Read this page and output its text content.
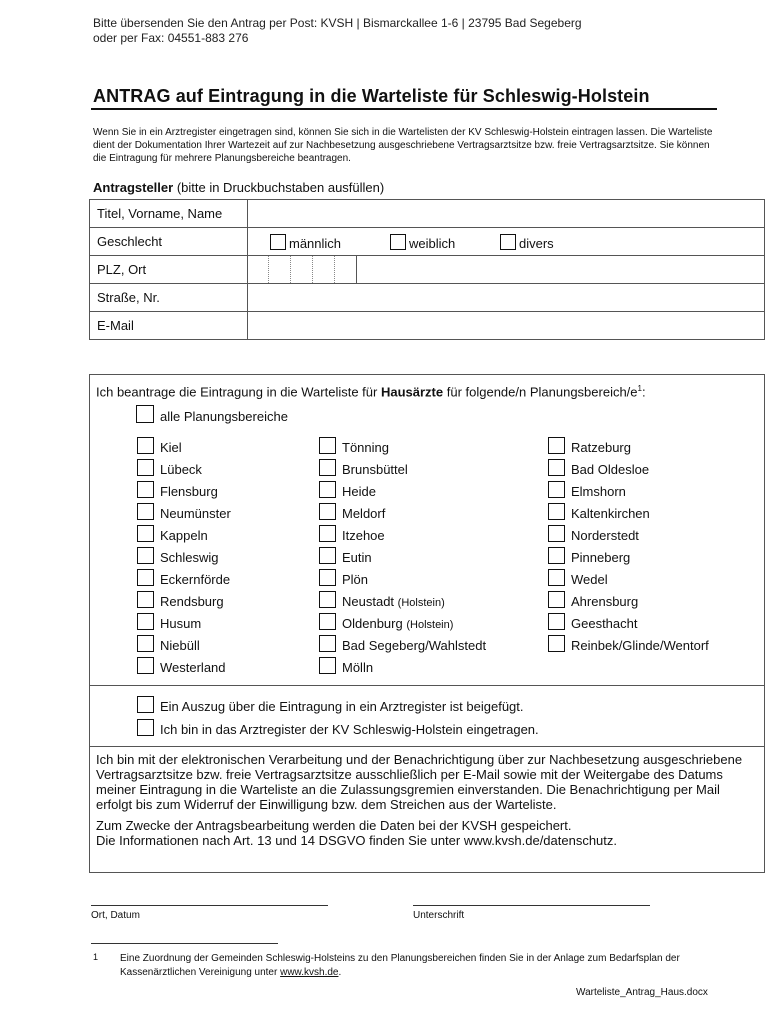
Bitte übersenden Sie den Antrag per Post: KVSH | Bismarckallee 1-6 | 23795 Bad Segeberg
oder per Fax: 04551-883 276
ANTRAG auf Eintragung in die Warteliste für Schleswig-Holstein
Wenn Sie in ein Arztregister eingetragen sind, können Sie sich in die Wartelisten der KV Schleswig-Holstein eintragen lassen. Die Warteliste dient der Dokumentation Ihrer Wartezeit auf zur Nachbesetzung ausgeschriebene Vertragsarztsitze bzw. freie Vertragsarztsitze. Sie können die Eintragung für mehrere Planungsbereiche beantragen.
Antragsteller (bitte in Druckbuchstaben ausfüllen)
Titel, Vorname, Name	
Geschlecht	männlich weiblich divers

PLZ, Ort	

Straße, Nr.	
E-Mail	
Ich beantrage die Eintragung in die Warteliste für Hausärzte für folgende/n Planungsbereich/$e^1$:
alle Planungsbereiche
Kiel
Lübeck
Flensburg
Neumünster
Kappeln
Schleswig
Eckernförde
Rendsburg
Husum
Niebüll
Westerland
Tönning
Brunsbüttel
Heide
Meldorf
Itzehoe
Eutin
Plön
Neustadt (Holstein)
Oldenburg (Holstein)
Bad Segeberg/Wahlstedt
Mölln
Ratzeburg
Bad Oldesloe
Elmshorn
Kaltenkirchen
Norderstedt
Pinneberg
Wedel
Ahrensburg
Geesthacht
Reinbek/Glinde/Wentorf
Ein Auszug über die Eintragung in ein Arztregister ist beigefügt.
Ich bin in das Arztregister der KV Schleswig-Holstein eingetragen.

Ich bin mit der elektronischen Verarbeitung und der Benachrichtigung über zur Nachbesetzung ausgeschriebene Vertragsarztsitze bzw. freie Vertragsarztsitze ausschließlich per E-Mail sowie mit der Weitergabe des Datums meiner Eintragung in die Warteliste an die Zulassungsgremien einverstanden. Die Benachrichtigung per Mail erfolgt bis zum Widerruf der Einwilligung bzw. dem Streichen aus der Warteliste.

Zum Zwecke der Antragsbearbeitung werden die Daten bei der KVSH gespeichert.

Die Informationen nach Art. 13 und 14 DSGVO finden Sie unter www.kvsh.de/datenschutz.

Ort, Datum	Unterschrift
1 Eine Zuordnung der Gemeinden Schleswig-Holsteins zu den Planungsbereichen finden Sie in der Anlage zum Bedarfsplan der Kassenärztlichen Vereinigung unter www.kvsh.de.
Warteliste_Antrag_Haus.docx
